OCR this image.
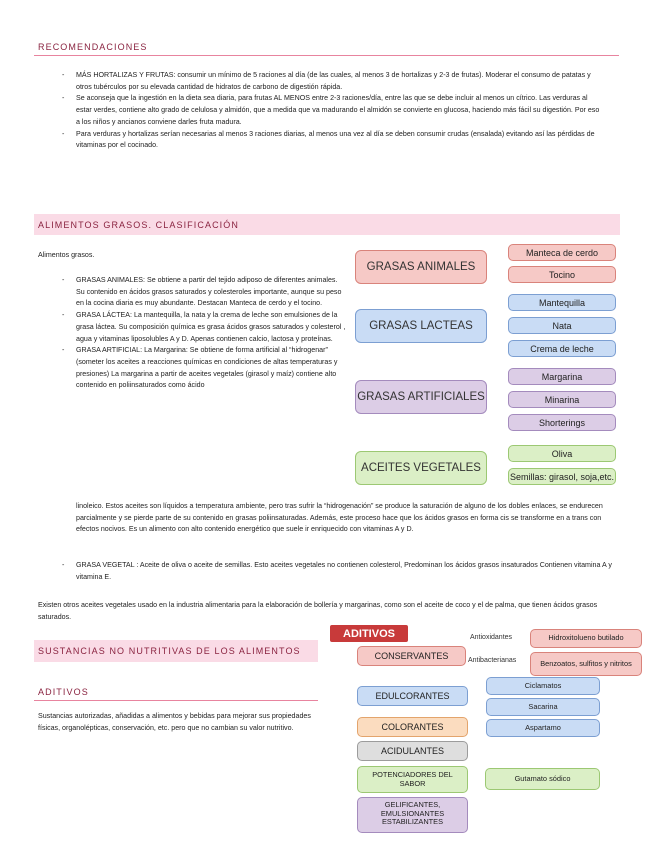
RECOMENDACIONES
- MÁS HORTALIZAS Y FRUTAS: consumir un mínimo de 5 raciones al día (de las cuales, al menos 3 de hortalizas y 2-3 de frutas). Moderar el consumo de patatas y otros tubérculos por su elevada cantidad de hidratos de carbono de digestión rápida.
- Se aconseja que la ingestión en la dieta sea diaria, para frutas AL MENOS entre 2-3 raciones/día, entre las que se debe incluir al menos un cítrico. Las verduras al estar verdes, contiene alto grado de celulosa y almidón, que a medida que va madurando el almidón se convierte en glucosa, haciendo más fácil su digestión. Por eso a los niños y ancianos conviene darles fruta madura.
- Para verduras y hortalizas serían necesarias al menos 3 raciones diarias, al menos una vez al día se deben consumir crudas (ensalada) evitando así las pérdidas de vitaminas por el cocinado.
ALIMENTOS GRASOS. CLASIFICACIÓN
Alimentos grasos.
- GRASAS ANIMALES: Se obtiene a partir del tejido adiposo de diferentes animales. Su contenido en ácidos grasos saturados y colesteroles importante, aunque su peso en la cocina diaria es muy abundante. Destacan Manteca de cerdo y el tocino.
- GRASA LÁCTEA: La mantequilla, la nata y la crema de leche son emulsiones de la grasa láctea. Su composición química es grasa ácidos grasos saturados y colesterol , agua y vitaminas liposolubles A y D. Apenas contienen calcio, lactosa y proteínas.
- GRASA ARTIFICIAL: La Margarina: Se obtiene de forma artificial al “hidrogenar” (someter los aceites a reacciones químicas en condiciones de altas temperaturas y presiones) La margarina a partir de aceites vegetales (girasol y maíz) contiene alto contenido en poliinsaturados como ácido
linoleico. Estos aceites son líquidos a temperatura ambiente, pero tras sufrir la “hidrogenación” se produce la saturación de alguno de los dobles enlaces, se endurecen parcialmente y se pierde parte de su contenido en grasas poliinsaturadas. Además, este proceso hace que los ácidos grasos en forma cis se transforme en a trans con efectos nocivos. Es un alimento con alto contenido energético que suele ir enriquecido con vitaminas A y D.
- GRASA VEGETAL : Aceite de oliva o aceite de semillas. Esto aceites vegetales no contienen colesterol, Predominan los ácidos grasos insaturados Contienen vitamina A y vitamina E.
Existen otros aceites vegetales usado en la industria alimentaria para la elaboración de bollería y margarinas, como son el aceite de coco y el de palma, que tienen ácidos grasos saturados.
GRASAS ANIMALES
Manteca de cerdo
Tocino
GRASAS LACTEAS
Mantequilla
Nata
Crema de leche
GRASAS ARTIFICIALES
Margarina
Minarina
Shorterings
ACEITES VEGETALES
Oliva
Semillas: girasol, soja,etc.
SUSTANCIAS NO NUTRITIVAS DE LOS ALIMENTOS
ADITIVOS
Sustancias autorizadas, añadidas a alimentos y bebidas para mejorar sus propiedades físicas, organolépticas, conservación, etc. pero que no cambian su valor nutritivo.
ADITIVOS
CONSERVANTES
Antioxidantes
Antibacterianas
Hidroxitolueno butilado
Benzoatos, sulfitos y nitritos
EDULCORANTES
Ciclamatos
Sacarina
Aspartamo
COLORANTES
ACIDULANTES
POTENCIADORES DEL SABOR
Gutamato sódico
GELIFICANTES, EMULSIONANTES ESTABILIZANTES
